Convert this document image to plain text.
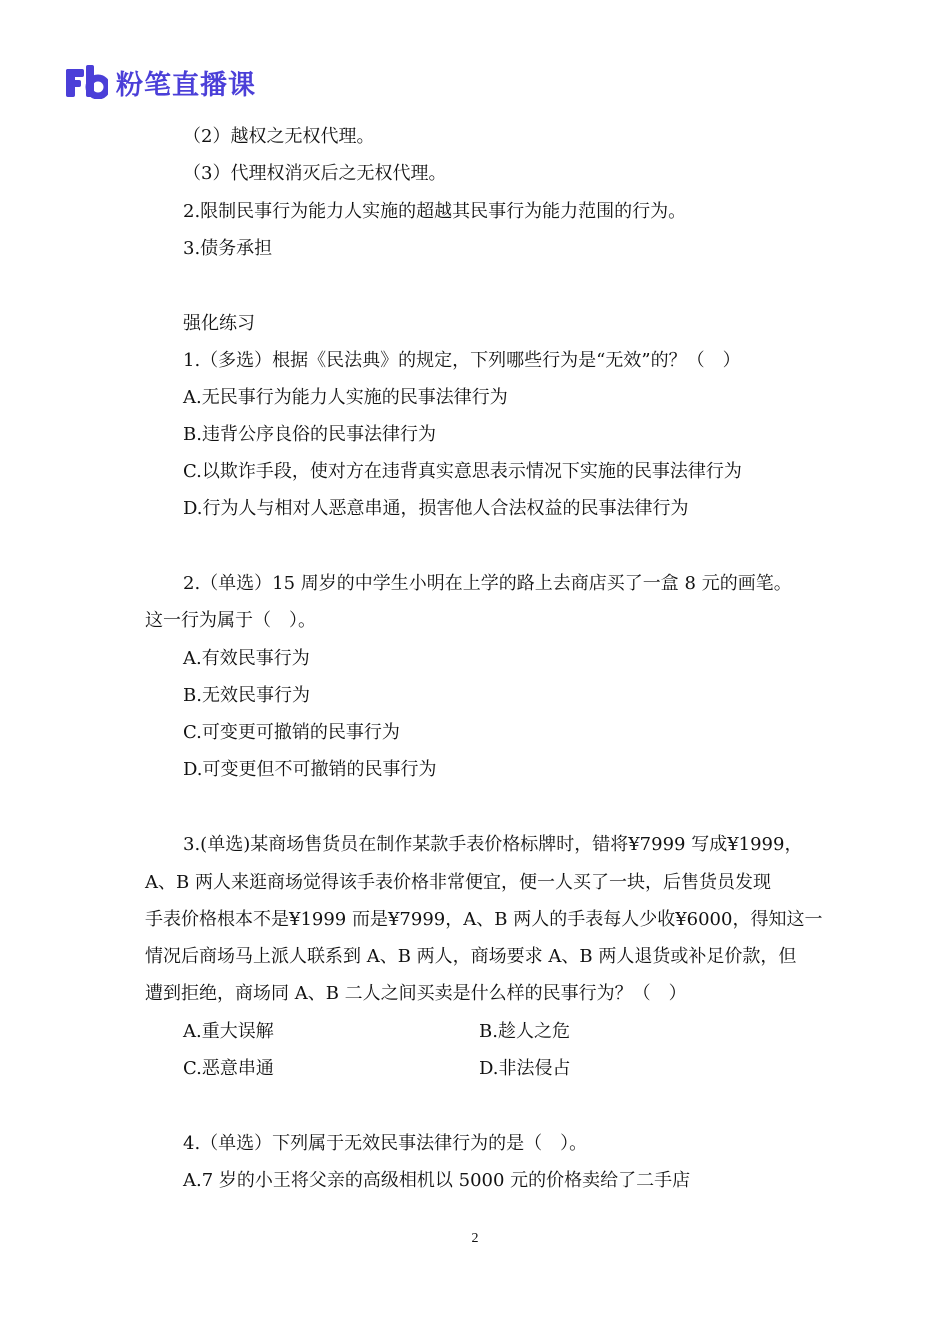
粉笔直播课
（2）越权之无权代理。
（3）代理权消灭后之无权代理。
2.限制民事行为能力人实施的超越其民事行为能力范围的行为。
3.债务承担
强化练习
1.（多选）根据《民法典》的规定，下列哪些行为是“无效”的？（　）
A.无民事行为能力人实施的民事法律行为
B.违背公序良俗的民事法律行为
C.以欺诈手段，使对方在违背真实意思表示情况下实施的民事法律行为
D.行为人与相对人恶意串通，损害他人合法权益的民事法律行为
2.（单选）15 周岁的中学生小明在上学的路上去商店买了一盒 8 元的画笔。
这一行为属于（　）。
A.有效民事行为
B.无效民事行为
C.可变更可撤销的民事行为
D.可变更但不可撤销的民事行为
3.(单选)某商场售货员在制作某款手表价格标牌时，错将¥7999 写成¥1999，
A、B 两人来逛商场觉得该手表价格非常便宜，便一人买了一块，后售货员发现
手表价格根本不是¥1999 而是¥7999，A、B 两人的手表每人少收¥6000，得知这一
情况后商场马上派人联系到 A、B 两人，商场要求 A、B 两人退货或补足价款，但
遭到拒绝，商场同 A、B 二人之间买卖是什么样的民事行为？（　）
A.重大误解	B.趁人之危
C.恶意串通	D.非法侵占
4.（单选）下列属于无效民事法律行为的是（　）。
A.7 岁的小王将父亲的高级相机以 5000 元的价格卖给了二手店
2
